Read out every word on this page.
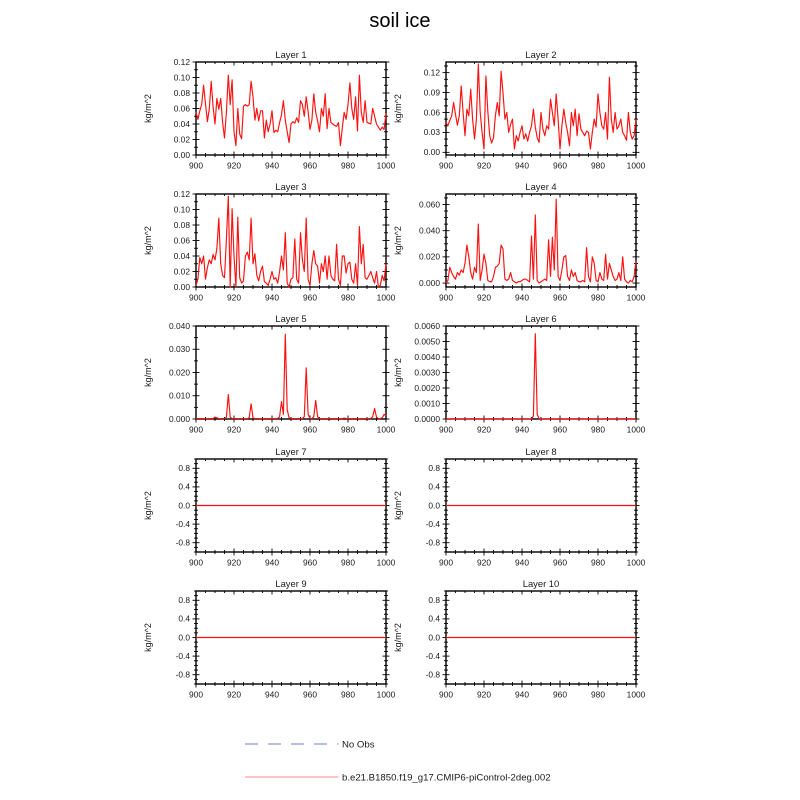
soil ice
Layer 1
kg/m^2
900	920	940	960	980	1000
0.00
0.02
0.04
0.06
0.08
0.10
0.12
Layer 2
kg/m^2
900	920	940	960	980	1000
0.00
0.03
0.06
0.09
0.12
Layer 3
kg/m^2
900	920	940	960	980	1000
0.00
0.02
0.04
0.06
0.08
0.10
0.12
Layer 4
kg/m^2
900	920	940	960	980	1000
0.000
0.020
0.040
0.060
Layer 5
kg/m^2
900	920	940	960	980	1000
0.000
0.010
0.020
0.030
0.040
Layer 6
kg/m^2
900	920	940	960	980	1000
0.0000
0.0010
0.0020
0.0030
0.0040
0.0050
0.0060
Layer 7
kg/m^2
900	920	940	960	980	1000
-0.8
-0.4
0.0
0.4
0.8
Layer 8
kg/m^2
900	920	940	960	980	1000
-0.8
-0.4
0.0
0.4
0.8
Layer 9
kg/m^2
900	920	940	960	980	1000
-0.8
-0.4
0.0
0.4
0.8
Layer 10
kg/m^2
900	920	940	960	980	1000
-0.8
-0.4
0.0
0.4
0.8
No Obs
b.e21.B1850.f19_g17.CMIP6-piControl-2deg.002
